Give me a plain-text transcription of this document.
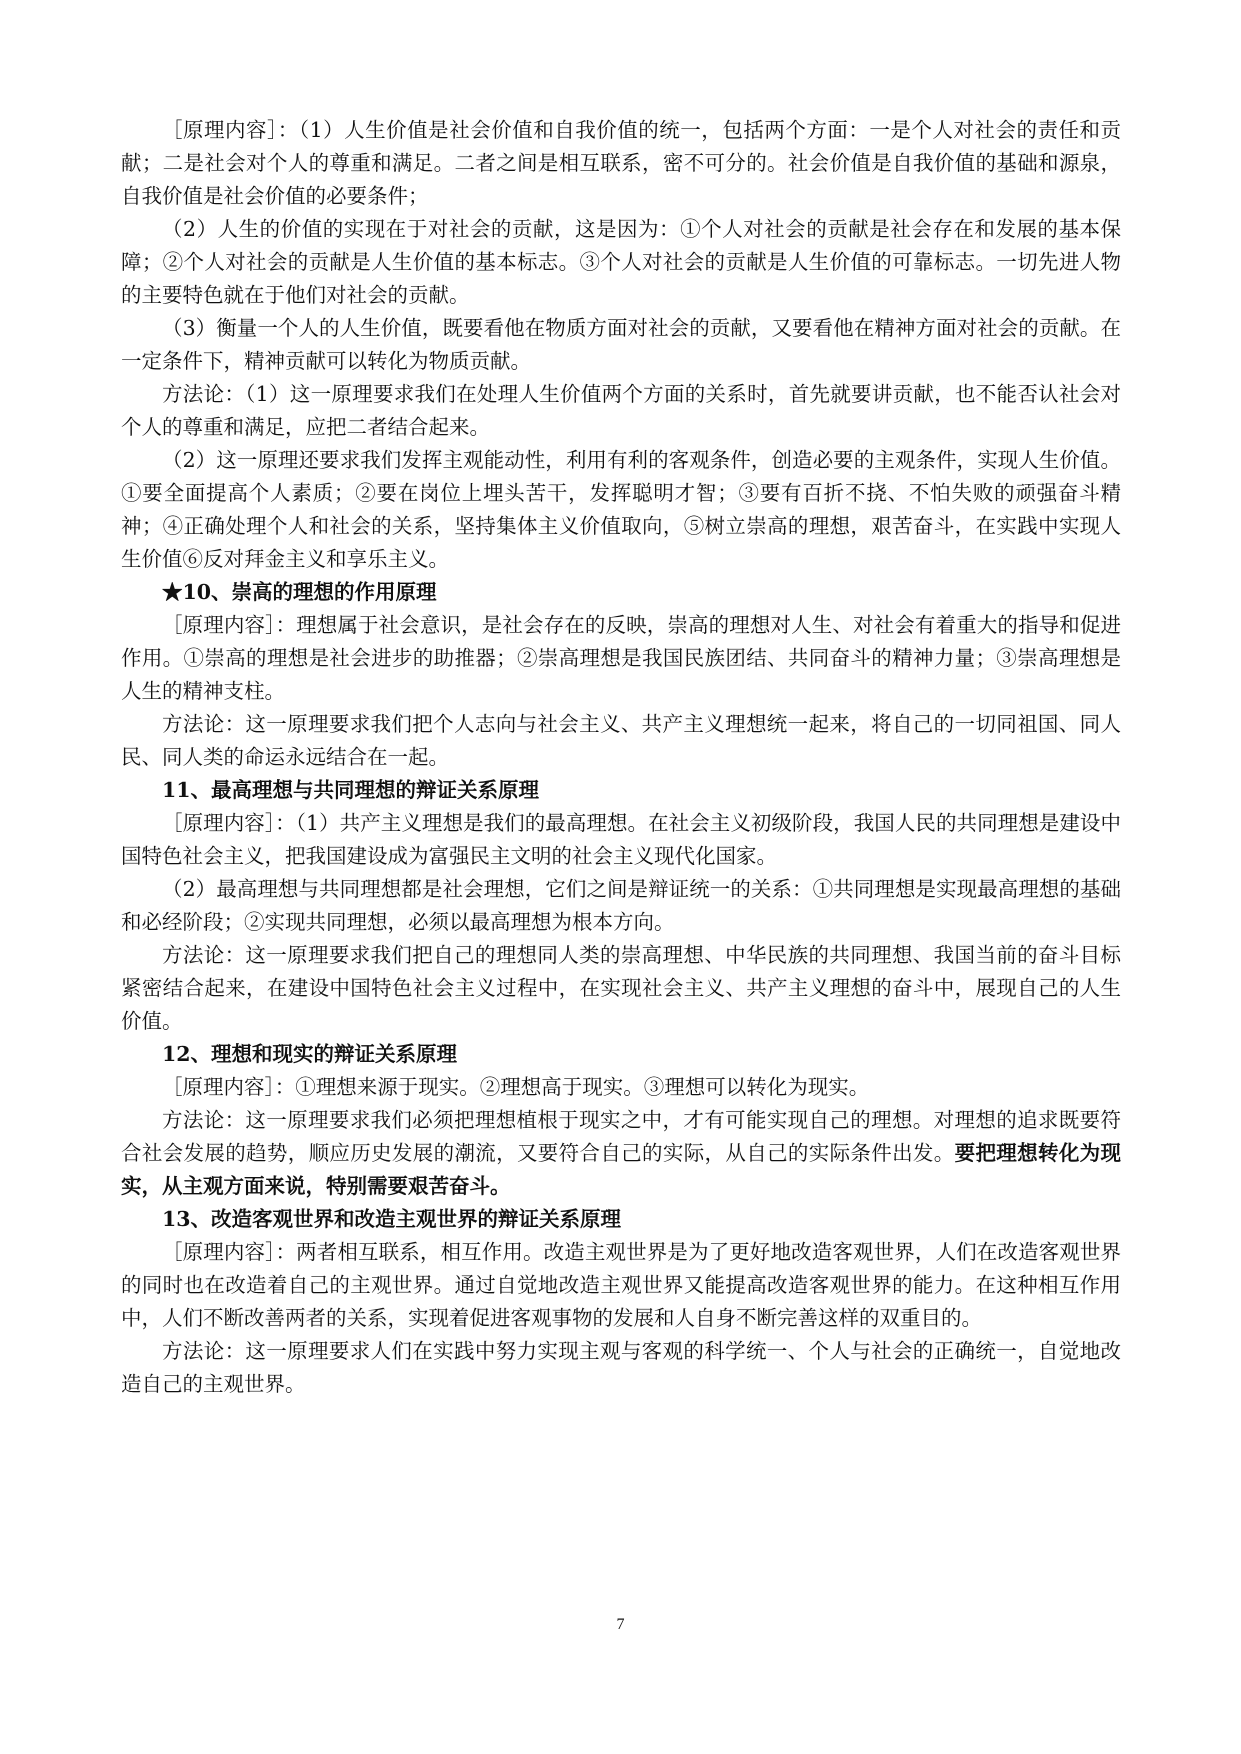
［原理内容］：（1）人生价值是社会价值和自我价值的统一，包括两个方面：一是个人对社会的责任和贡献；二是社会对个人的尊重和满足。二者之间是相互联系，密不可分的。社会价值是自我价值的基础和源泉，自我价值是社会价值的必要条件；

（2）人生的价值的实现在于对社会的贡献，这是因为：①个人对社会的贡献是社会存在和发展的基本保障；②个人对社会的贡献是人生价值的基本标志。③个人对社会的贡献是人生价值的可靠标志。一切先进人物的主要特色就在于他们对社会的贡献。

（3）衡量一个人的人生价值，既要看他在物质方面对社会的贡献，又要看他在精神方面对社会的贡献。在一定条件下，精神贡献可以转化为物质贡献。

方法论：（1）这一原理要求我们在处理人生价值两个方面的关系时，首先就要讲贡献，也不能否认社会对个人的尊重和满足，应把二者结合起来。

（2）这一原理还要求我们发挥主观能动性，利用有利的客观条件，创造必要的主观条件，实现人生价值。①要全面提高个人素质；②要在岗位上埋头苦干，发挥聪明才智；③要有百折不挠、不怕失败的顽强奋斗精神；④正确处理个人和社会的关系，坚持集体主义价值取向，⑤树立崇高的理想，艰苦奋斗，在实践中实现人生价值⑥反对拜金主义和享乐主义。

★10、崇高的理想的作用原理

［原理内容］：理想属于社会意识，是社会存在的反映，崇高的理想对人生、对社会有着重大的指导和促进作用。①崇高的理想是社会进步的助推器；②崇高理想是我国民族团结、共同奋斗的精神力量；③崇高理想是人生的精神支柱。

方法论：这一原理要求我们把个人志向与社会主义、共产主义理想统一起来，将自己的一切同祖国、同人民、同人类的命运永远结合在一起。

11、最高理想与共同理想的辩证关系原理

［原理内容］：（1）共产主义理想是我们的最高理想。在社会主义初级阶段，我国人民的共同理想是建设中国特色社会主义，把我国建设成为富强民主文明的社会主义现代化国家。

（2）最高理想与共同理想都是社会理想，它们之间是辩证统一的关系：①共同理想是实现最高理想的基础和必经阶段；②实现共同理想，必须以最高理想为根本方向。

方法论：这一原理要求我们把自己的理想同人类的崇高理想、中华民族的共同理想、我国当前的奋斗目标紧密结合起来，在建设中国特色社会主义过程中，在实现社会主义、共产主义理想的奋斗中，展现自己的人生价值。

12、理想和现实的辩证关系原理

［原理内容］：①理想来源于现实。②理想高于现实。③理想可以转化为现实。

方法论：这一原理要求我们必须把理想植根于现实之中，才有可能实现自己的理想。对理想的追求既要符合社会发展的趋势，顺应历史发展的潮流，又要符合自己的实际，从自己的实际条件出发。要把理想转化为现实，从主观方面来说，特别需要艰苦奋斗。

13、改造客观世界和改造主观世界的辩证关系原理

［原理内容］：两者相互联系，相互作用。改造主观世界是为了更好地改造客观世界，人们在改造客观世界的同时也在改造着自己的主观世界。通过自觉地改造主观世界又能提高改造客观世界的能力。在这种相互作用中，人们不断改善两者的关系，实现着促进客观事物的发展和人自身不断完善这样的双重目的。

方法论：这一原理要求人们在实践中努力实现主观与客观的科学统一、个人与社会的正确统一，自觉地改造自己的主观世界。

7
